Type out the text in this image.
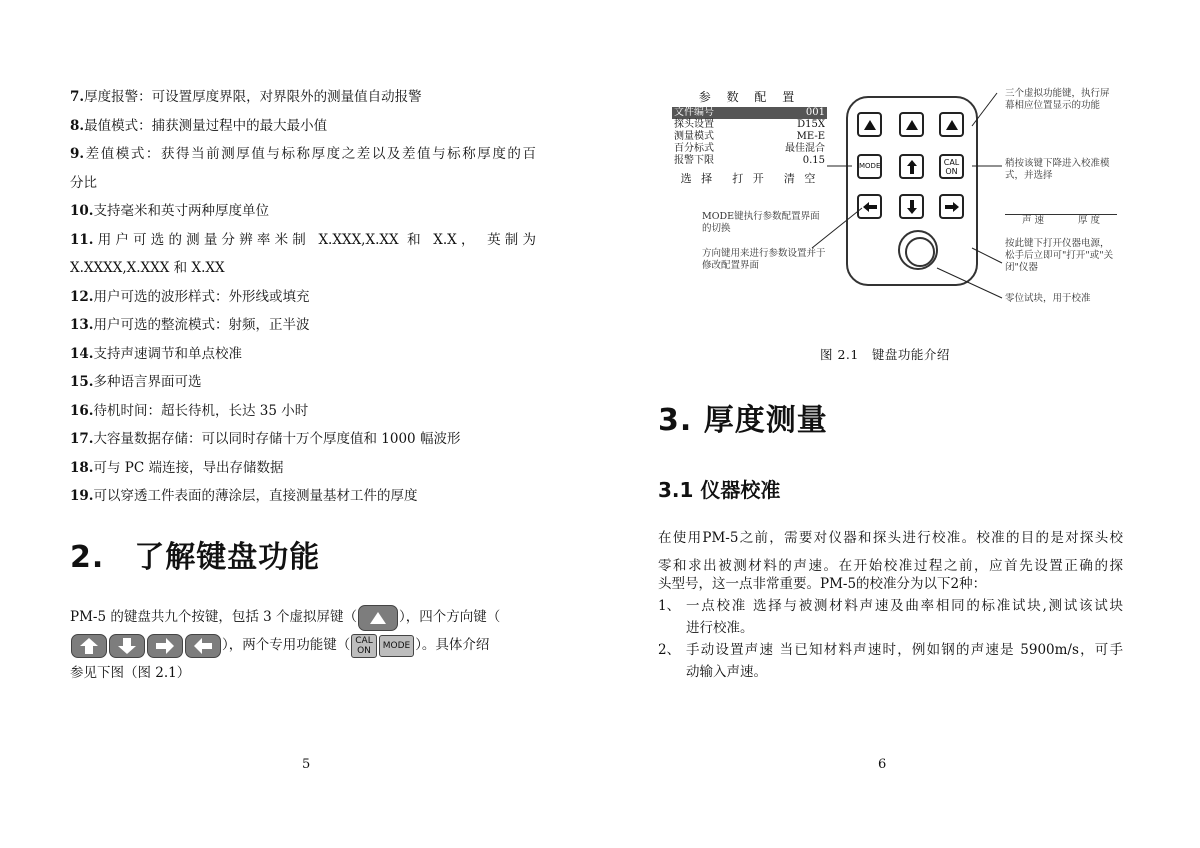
7.厚度报警：可设置厚度界限，对界限外的测量值自动报警
8.最值模式：捕获测量过程中的最大最小值
9.差值模式：获得当前测厚值与标称厚度之差以及差值与标称厚度的百
分比
10.支持毫米和英寸两种厚度单位
11.用户可选的测量分辨率米制 X.XXX,X.XX 和 X.X， 英制为
X.XXXX,X.XXX 和 X.XX
12.用户可选的波形样式：外形线或填充
13.用户可选的整流模式：射频，正半波
14.支持声速调节和单点校准
15.多种语言界面可选
16.待机时间：超长待机，长达 35 小时
17.大容量数据存储：可以同时存储十万个厚度值和 1000 幅波形
18.可与 PC 端连接，导出存储数据
19.可以穿透工件表面的薄涂层，直接测量基材工件的厚度
2. 了解键盘功能
PM-5 的键盘共九个按键，包括 3 个虚拟屏键（	），四个方向键（
），两个专用功能键（ CAL
ON MODE ）。具体介绍
参见下图（图 2.1）
5
参 数 配 置
文件编号	001
探头设置	D15X
测量模式	ME-E
百分标式	最佳混合
报警下限	0.15
选 择 打 开 清 空
MODE	CAL
ON
三个虚拟功能键，执行屏幕相应位置显示的功能
稍按该键下降进入校准模式，并选择
声 速	厚 度
按此键下打开仪器电源，松手后立即可"打开"或"关闭"仪器
零位试块，用于校准
MODE键执行参数配置界面的切换
方向键用来进行参数设置并于修改配置界面
图 2.1　键盘功能介绍
3. 厚度测量
3.1 仪器校准
在使用PM-5之前，需要对仪器和探头进行校准。校准的目的是对探头校
零和求出被测材料的声速。在开始校准过程之前，应首先设置正确的探
头型号，这一点非常重要。PM-5的校准分为以下2种：
1、 一点校准 选择与被测材料声速及曲率相同的标准试块,测试该试块
进行校准。
2、 手动设置声速 当已知材料声速时，例如钢的声速是 5900m/s，可手
动输入声速。
6
